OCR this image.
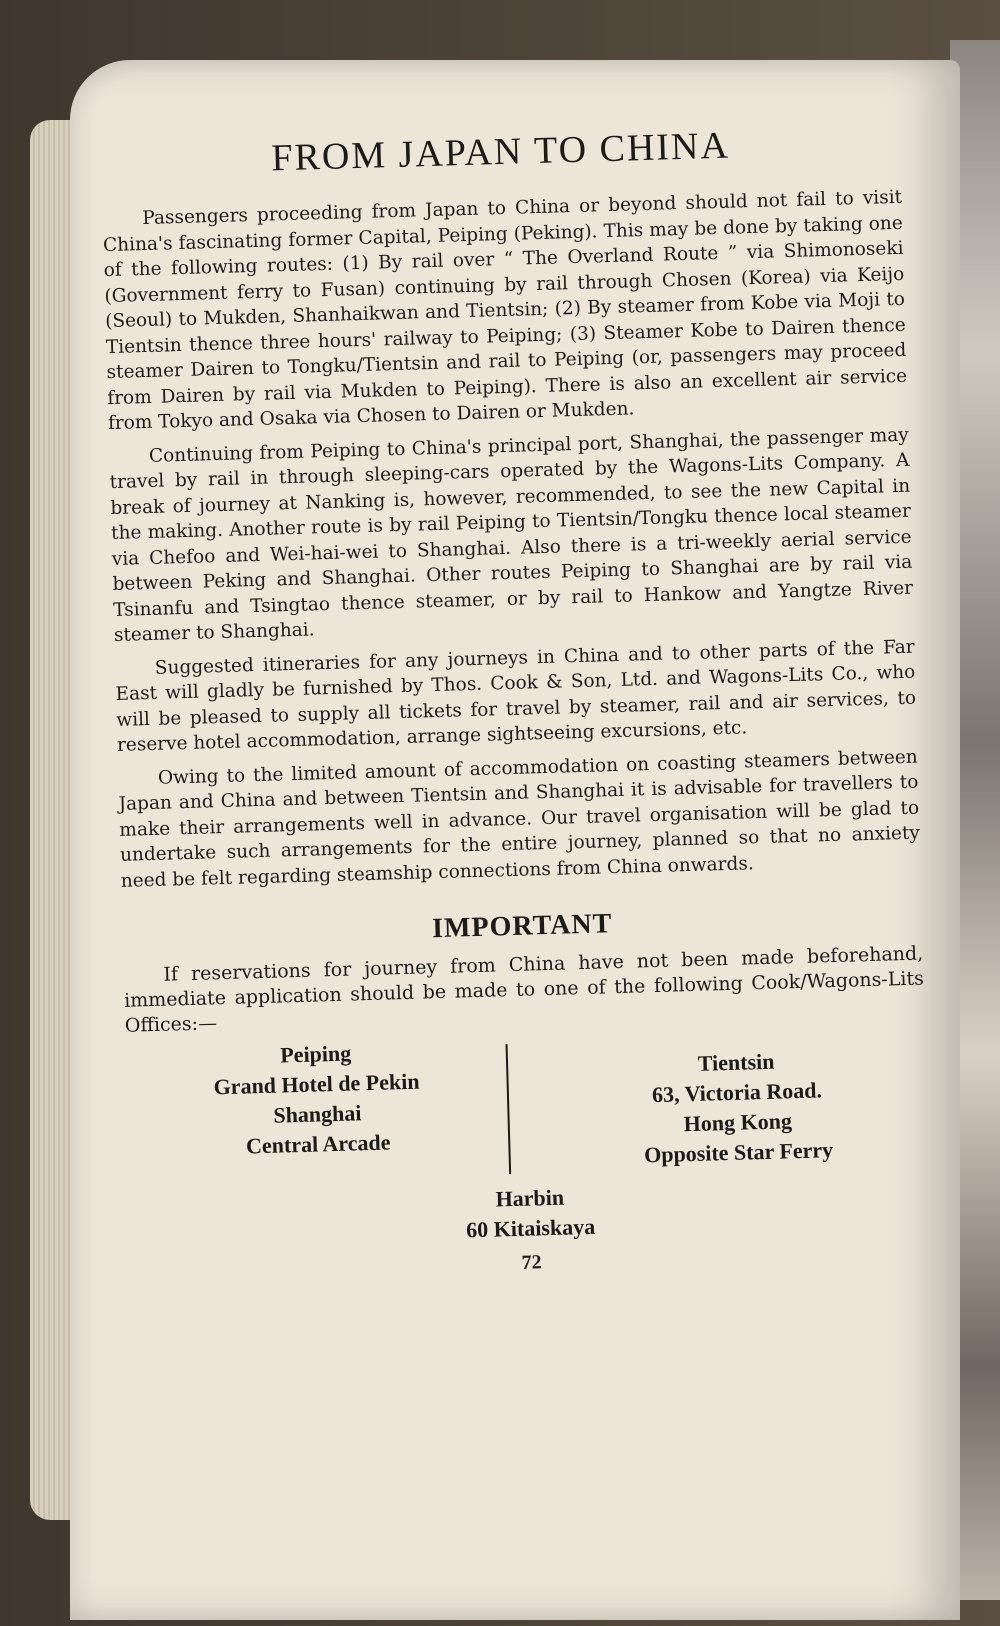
FROM JAPAN TO CHINA

Passengers proceeding from Japan to China or beyond should not fail to visit China's fascinating former Capital, Peiping (Peking). This may be done by taking one of the following routes: (1) By rail over “ The Overland Route ” via Shimonoseki (Government ferry to Fusan) continuing by rail through Chosen (Korea) via Keijo (Seoul) to Mukden, Shanhaikwan and Tientsin; (2) By steamer from Kobe via Moji to Tientsin thence three hours' railway to Peiping; (3) Steamer Kobe to Dairen thence steamer Dairen to Tongku/Tientsin and rail to Peiping (or, passengers may proceed from Dairen by rail via Mukden to Peiping). There is also an excellent air service from Tokyo and Osaka via Chosen to Dairen or Mukden.

Continuing from Peiping to China's principal port, Shanghai, the passenger may travel by rail in through sleeping-cars operated by the Wagons-Lits Company. A break of journey at Nanking is, however, recommended, to see the new Capital in the making. Another route is by rail Peiping to Tientsin/Tongku thence local steamer via Chefoo and Wei-hai-wei to Shanghai. Also there is a tri-weekly aerial service between Peking and Shanghai. Other routes Peiping to Shanghai are by rail via Tsinanfu and Tsingtao thence steamer, or by rail to Hankow and Yangtze River steamer to Shanghai.

Suggested itineraries for any journeys in China and to other parts of the Far East will gladly be furnished by Thos. Cook & Son, Ltd. and Wagons-Lits Co., who will be pleased to supply all tickets for travel by steamer, rail and air services, to reserve hotel accommodation, arrange sightseeing excursions, etc.

Owing to the limited amount of accommodation on coasting steamers between Japan and China and between Tientsin and Shanghai it is advisable for travellers to make their arrangements well in advance. Our travel organisation will be glad to undertake such arrangements for the entire journey, planned so that no anxiety need be felt regarding steamship connections from China onwards.

IMPORTANT

If reservations for journey from China have not been made beforehand, immediate application should be made to one of the following Cook/Wagons-Lits Offices:—

Peiping
Grand Hotel de Pekin
Shanghai
Central Arcade
Tientsin
63, Victoria Road.
Hong Kong
Opposite Star Ferry
Harbin
60 Kitaiskaya
72
